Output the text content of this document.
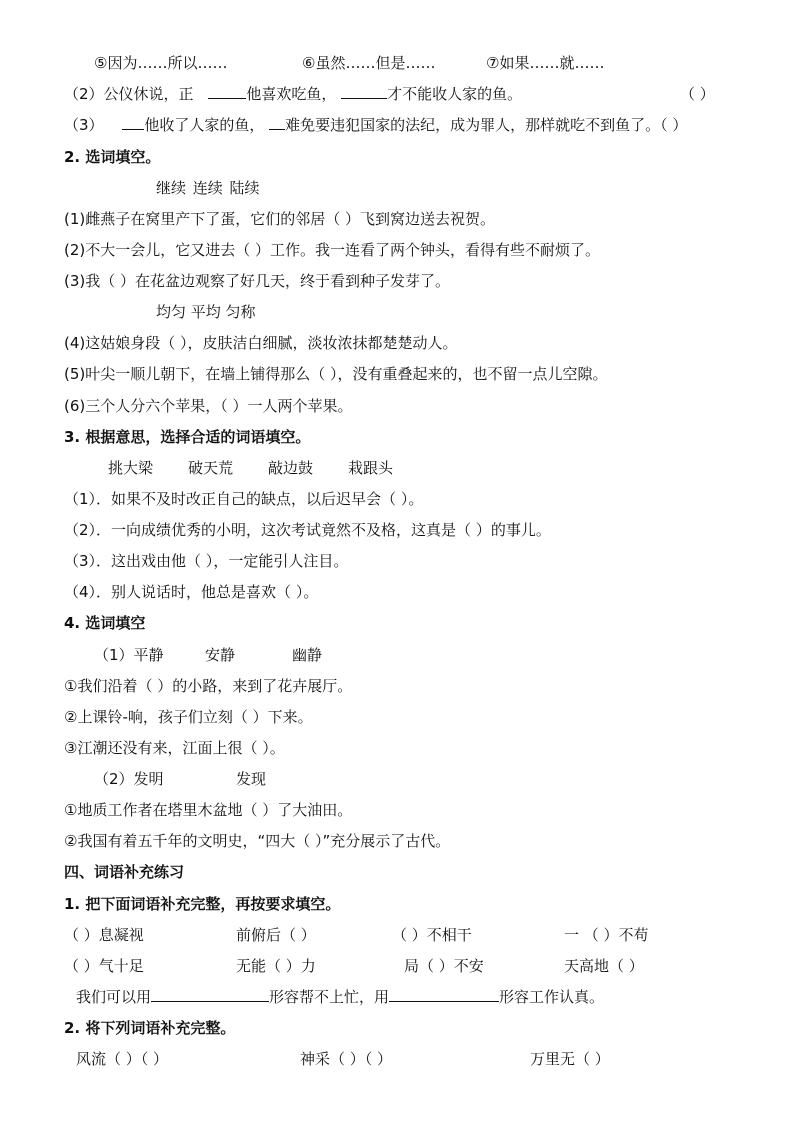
⑤因为……所以……	⑥虽然……但是……	⑦如果……就……
（2）公仪休说，正	他喜欢吃鱼，	才不能收人家的鱼。	（ ）
（3）	他收了人家的鱼， 难免要违犯国家的法纪，成为罪人，那样就吃不到鱼了。（ ）
2. 选词填空。
继续 连续 陆续
(1)雌燕子在窝里产下了蛋，它们的邻居（ ）飞到窝边送去祝贺。
(2)不大一会儿，它又进去（ ）工作。我一连看了两个钟头，看得有些不耐烦了。
(3)我（ ）在花盆边观察了好几天，终于看到种子发芽了。
均匀 平均 匀称
(4)这姑娘身段（ ），皮肤洁白细腻，淡妆浓抹都楚楚动人。
(5)叶尖一顺儿朝下，在墙上铺得那么（ ），没有重叠起来的，也不留一点儿空隙。
(6)三个人分六个苹果，（ ）一人两个苹果。
3. 根据意思，选择合适的词语填空。
挑大梁 破天荒 敲边鼓 栽跟头
（1）．如果不及时改正自己的缺点，以后迟早会（ ）。
（2）．一向成绩优秀的小明，这次考试竟然不及格，这真是（ ）的事儿。
（3）．这出戏由他（ ），一定能引人注目。
（4）．别人说话时，他总是喜欢（ ）。
4. 选词填空
（1）平静	安静	幽静
①我们沿着（ ）的小路，来到了花卉展厅。
②上课铃-响，孩子们立刻（ ）下来。
③江潮还没有来，江面上很（ ）。
（2）发明	发现
①地质工作者在塔里木盆地（ ）了大油田。
②我国有着五千年的文明史，“四大（ ）”充分展示了古代。
四、词语补充练习
1. 把下面词语补充完整，再按要求填空。
（ ）息凝视	前俯后（ ）	（ ）不相干	一 （ ）不苟
（ ）气十足	无能（ ）力	局（ ）不安	天高地（ ）
我们可以用	形容帮不上忙，用	形容工作认真。
2. 将下列词语补充完整。
风流（ ）（ ）	神采（ ）（ ）	万里无（ ）
